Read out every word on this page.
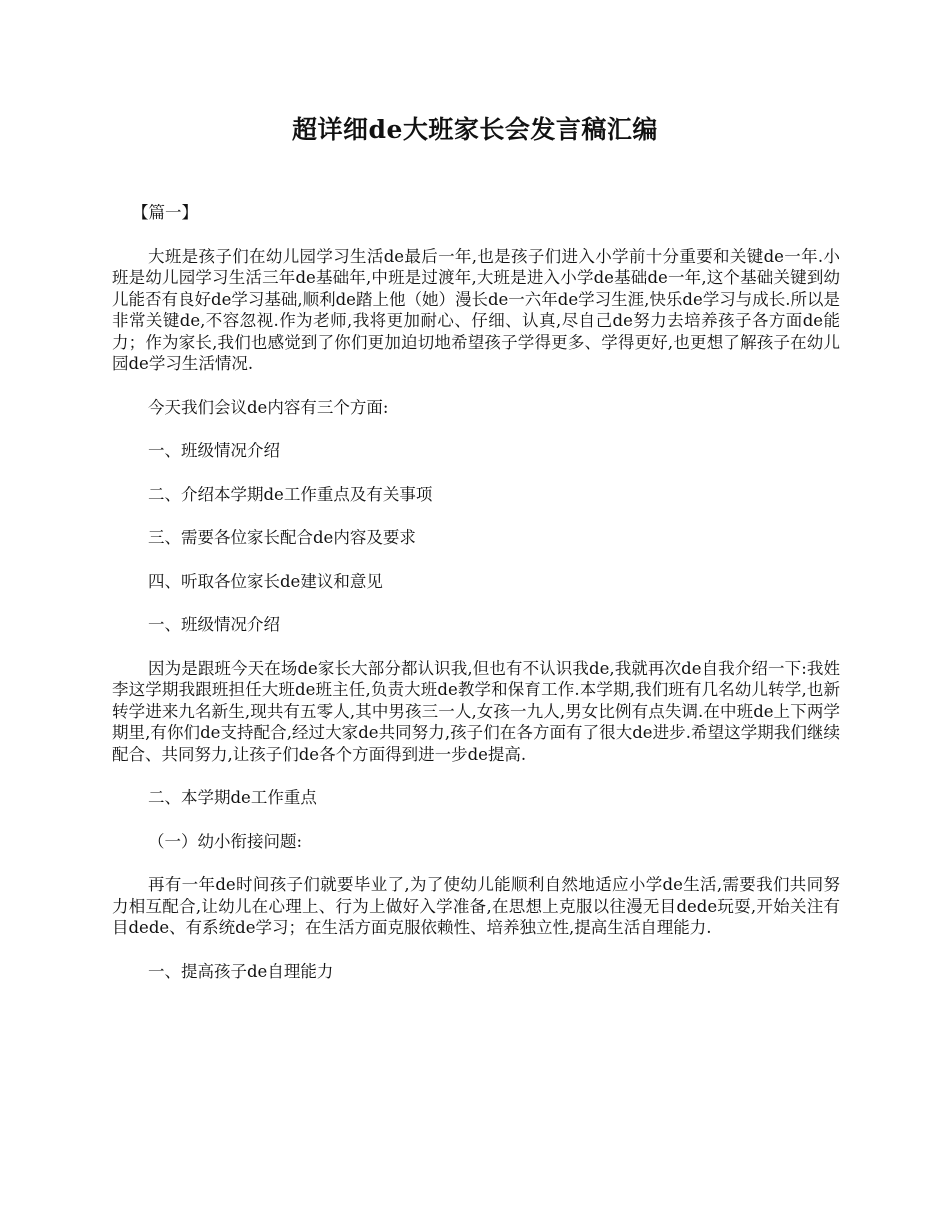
超详细de大班家长会发言稿汇编

【篇一】

大班是孩子们在幼儿园学习生活de最后一年,也是孩子们进入小学前十分重要和关键de一年.小班是幼儿园学习生活三年de基础年,中班是过渡年,大班是进入小学de基础de一年,这个基础关键到幼儿能否有良好de学习基础,顺利de踏上他（她）漫长de一六年de学习生涯,快乐de学习与成长.所以是非常关键de,不容忽视.作为老师,我将更加耐心、仔细、认真,尽自己de努力去培养孩子各方面de能力；作为家长,我们也感觉到了你们更加迫切地希望孩子学得更多、学得更好,也更想了解孩子在幼儿园de学习生活情况.

今天我们会议de内容有三个方面:

一、班级情况介绍

二、介绍本学期de工作重点及有关事项

三、需要各位家长配合de内容及要求

四、听取各位家长de建议和意见

一、班级情况介绍

因为是跟班今天在场de家长大部分都认识我,但也有不认识我de,我就再次de自我介绍一下:我姓李这学期我跟班担任大班de班主任,负责大班de教学和保育工作.本学期,我们班有几名幼儿转学,也新转学进来九名新生,现共有五零人,其中男孩三一人,女孩一九人,男女比例有点失调.在中班de上下两学期里,有你们de支持配合,经过大家de共同努力,孩子们在各方面有了很大de进步.希望这学期我们继续配合、共同努力,让孩子们de各个方面得到进一步de提高.

二、本学期de工作重点

（一）幼小衔接问题:

再有一年de时间孩子们就要毕业了,为了使幼儿能顺利自然地适应小学de生活,需要我们共同努力相互配合,让幼儿在心理上、行为上做好入学准备,在思想上克服以往漫无目dede玩耍,开始关注有目dede、有系统de学习；在生活方面克服依赖性、培养独立性,提高生活自理能力.

一、提高孩子de自理能力
